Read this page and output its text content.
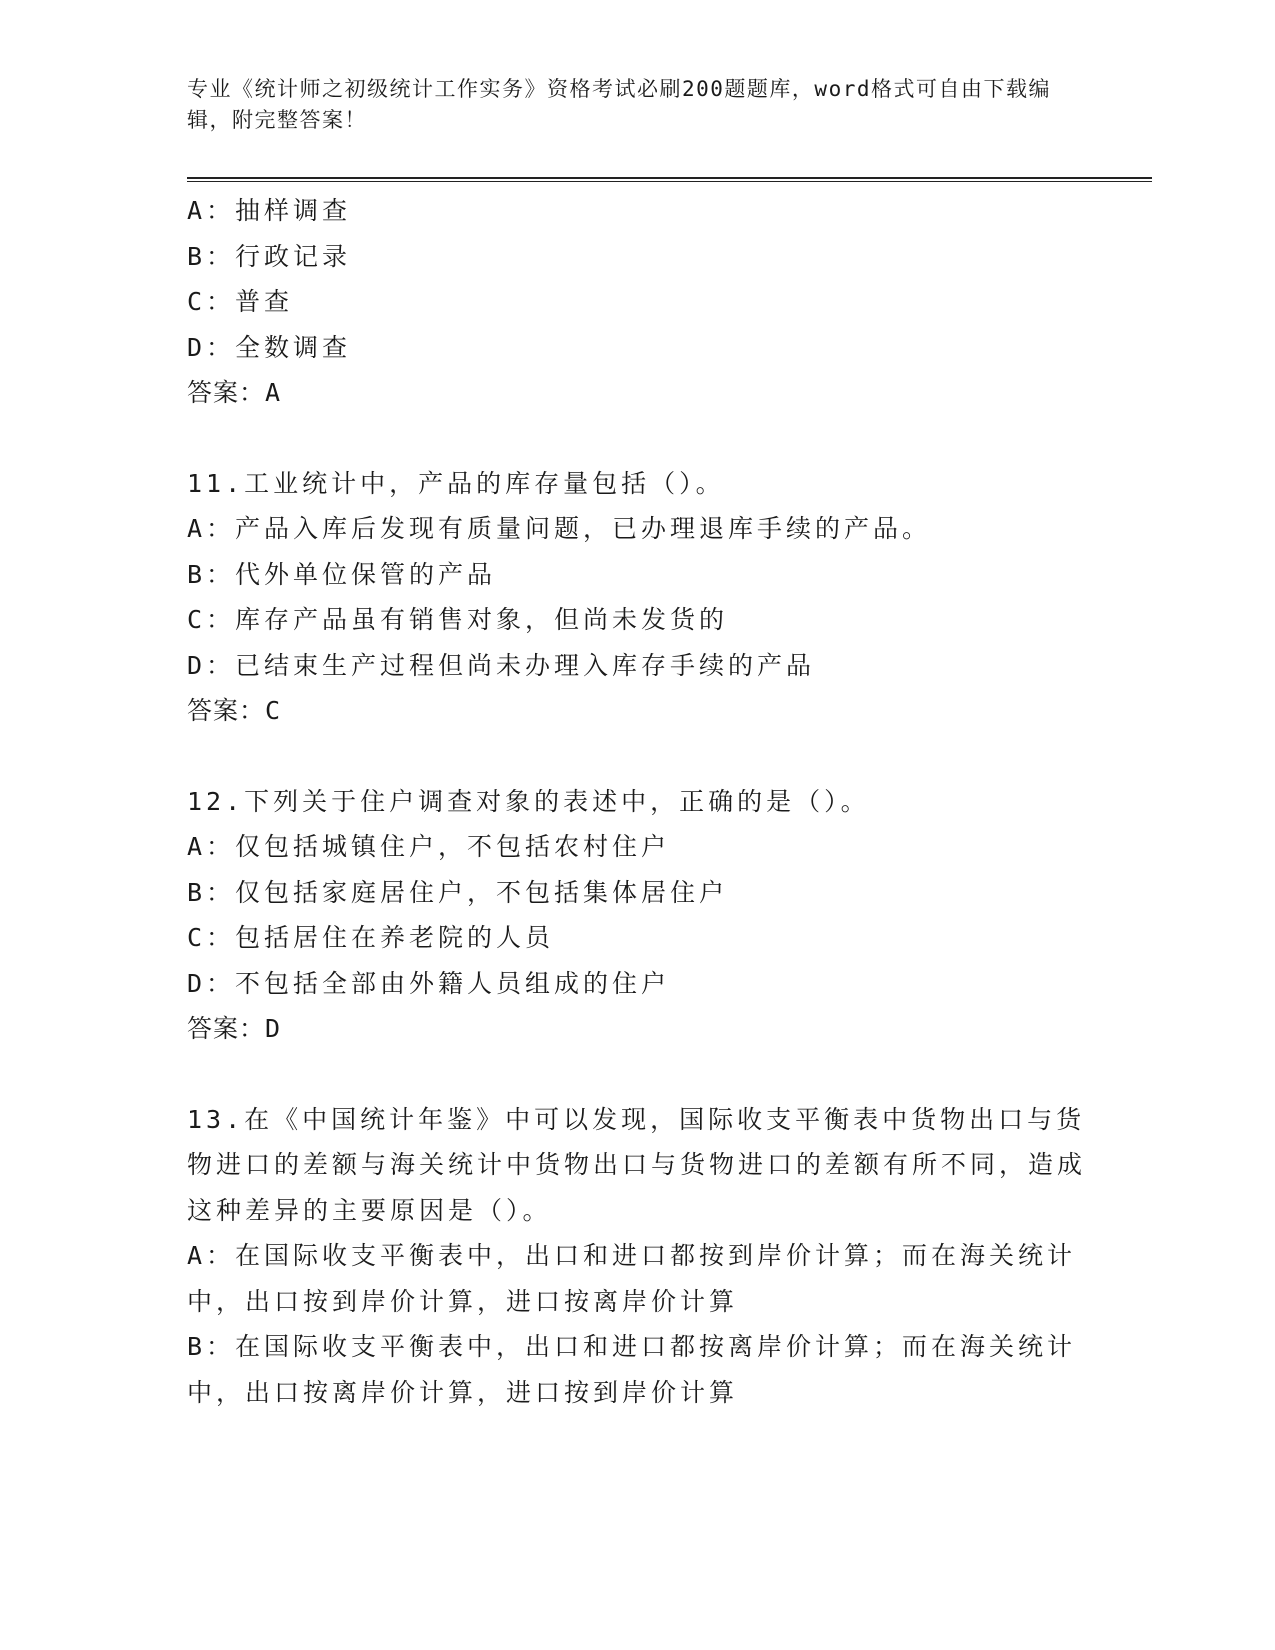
专业《统计师之初级统计工作实务》资格考试必刷200题题库，word格式可自由下载编辑，附完整答案！
A：抽样调查
B：行政记录
C：普查
D：全数调查
答案：A
11.工业统计中，产品的库存量包括（）。
A：产品入库后发现有质量问题，已办理退库手续的产品。
B：代外单位保管的产品
C：库存产品虽有销售对象，但尚未发货的
D：已结束生产过程但尚未办理入库存手续的产品
答案：C
12.下列关于住户调查对象的表述中，正确的是（）。
A：仅包括城镇住户，不包括农村住户
B：仅包括家庭居住户，不包括集体居住户
C：包括居住在养老院的人员
D：不包括全部由外籍人员组成的住户
答案：D
13.在《中国统计年鉴》中可以发现，国际收支平衡表中货物出口与货物进口的差额与海关统计中货物出口与货物进口的差额有所不同，造成这种差异的主要原因是（）。
A：在国际收支平衡表中，出口和进口都按到岸价计算；而在海关统计中，出口按到岸价计算，进口按离岸价计算
B：在国际收支平衡表中，出口和进口都按离岸价计算；而在海关统计中，出口按离岸价计算，进口按到岸价计算
